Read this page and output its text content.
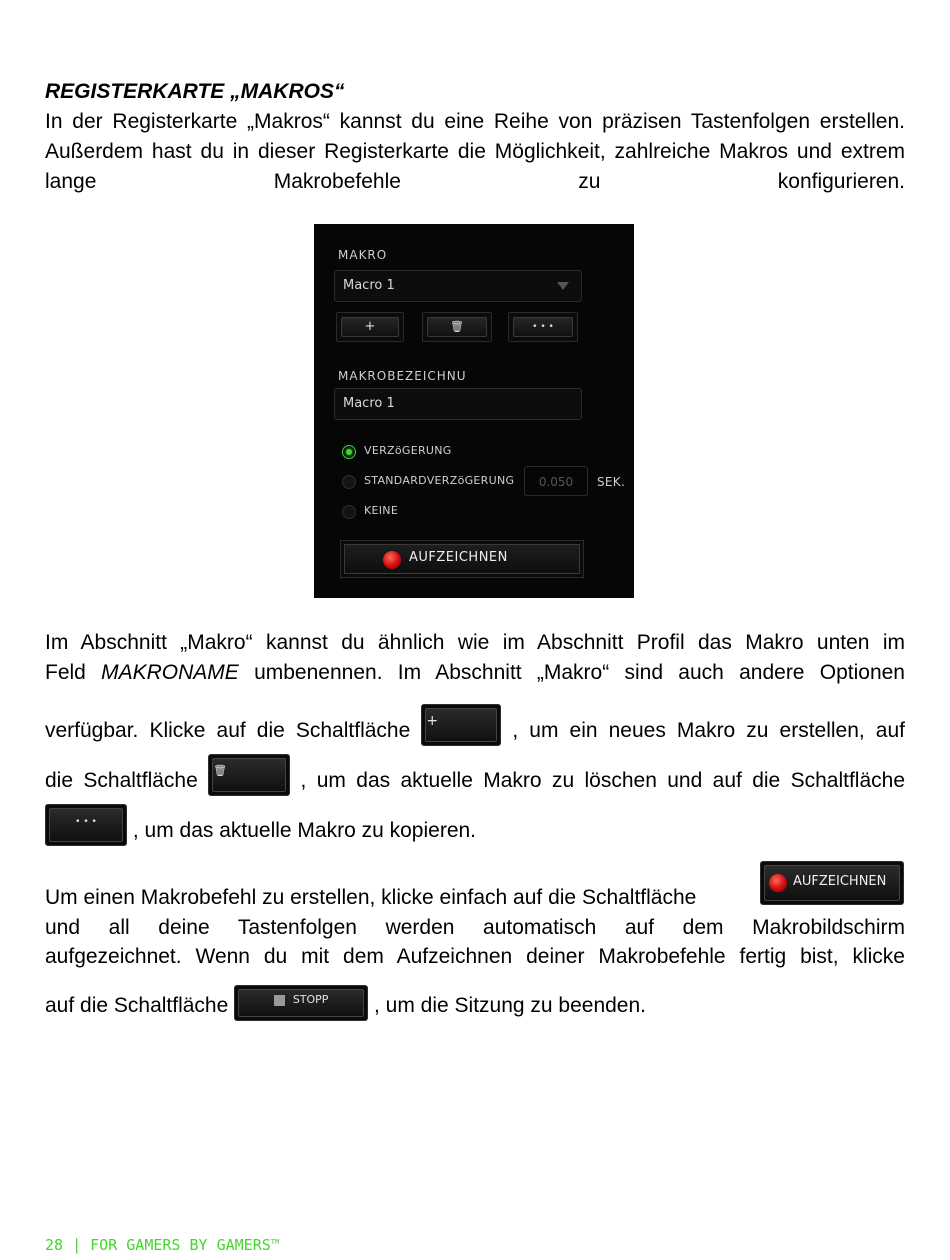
REGISTERKARTE „MAKROS“
In der Registerkarte „Makros“ kannst du eine Reihe von präzisen Tastenfolgen erstellen. Außerdem hast du in dieser Registerkarte die Möglichkeit, zahlreiche Makros und extrem lange Makrobefehle zu konfigurieren.
MAKRO
Macro 1
+	🗑	• • •
MAKROBEZEICHNU
Macro 1
VERZöGERUNG
STANDARDVERZöGERUNG	0.050	SEK.
KEINE
AUFZEICHNEN
Im Abschnitt „Makro“ kannst du ähnlich wie im Abschnitt Profil das Makro unten im
Feld MAKRONAME umbenennen. Im Abschnitt „Makro“ sind auch andere Optionen
verfügbar. Klicke auf die Schaltfläche +	, um ein neues Makro zu erstellen, auf
die Schaltfläche 🗑	, um das aktuelle Makro zu löschen und auf die Schaltfläche
• • •	, um das aktuelle Makro zu kopieren.
Um einen Makrobefehl zu erstellen, klicke einfach auf die Schaltfläche
AUFZEICHNEN
und all deine Tastenfolgen werden automatisch auf dem Makrobildschirm
aufgezeichnet. Wenn du mit dem Aufzeichnen deiner Makrobefehle fertig bist, klicke
auf die Schaltfläche	STOPP	, um die Sitzung zu beenden.
28 | FOR GAMERS BY GAMERS™
